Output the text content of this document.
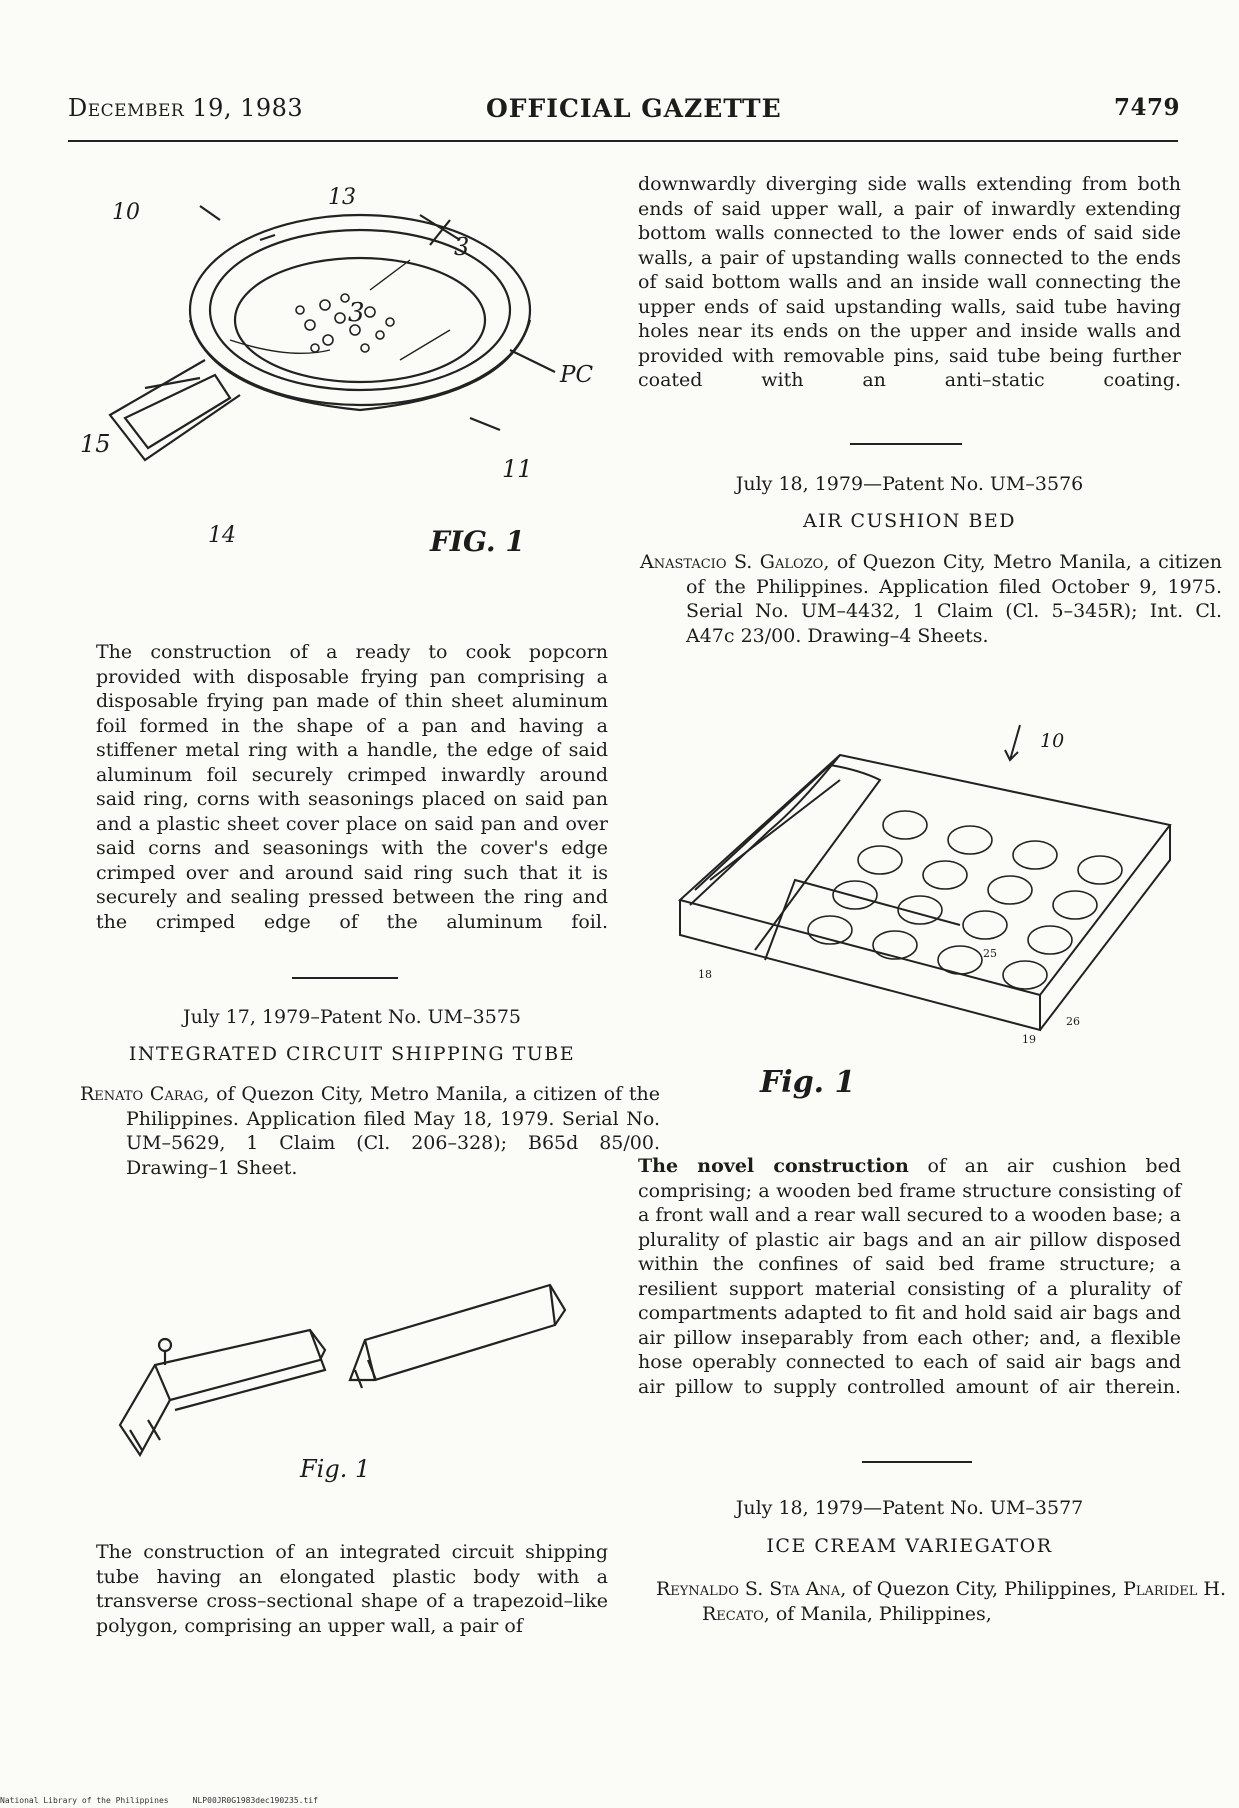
December 19, 1983	OFFICIAL GAZETTE	7479
10
13
3
3
PC
15
14
11
FIG. 1

The construction of a ready to cook popcorn provided with disposable frying pan comprising a disposable frying pan made of thin sheet aluminum foil formed in the shape of a pan and having a stiffener metal ring with a handle, the edge of said aluminum foil securely crimped inwardly around said ring, corns with seasonings placed on said pan and a plastic sheet cover place on said pan and over said corns and seasonings with the cover's edge crimped over and around said ring such that it is securely and sealing pressed between the ring and the crimped edge of the aluminum foil.

July 17, 1979–Patent No. UM–3575
INTEGRATED CIRCUIT SHIPPING TUBE

Renato Carag, of Quezon City, Metro Manila, a citizen of the Philippines. Application filed May 18, 1979. Serial No. UM–5629, 1 Claim (Cl. 206–328); B65d 85/00. Drawing–1 Sheet.

Fig. 1

The construction of an integrated circuit shipping tube having an elongated plastic body with a transverse cross–sectional shape of a trapezoid–like polygon, comprising an upper wall, a pair of

downwardly diverging side walls extending from both ends of said upper wall, a pair of inwardly extending bottom walls connected to the lower ends of said side walls, a pair of upstanding walls connected to the ends of said bottom walls and an inside wall connecting the upper ends of said upstanding walls, said tube having holes near its ends on the upper and inside walls and provided with removable pins, said tube being further coated with an anti–static coating.

July 18, 1979—Patent No. UM–3576
AIR CUSHION BED

Anastacio S. Galozo, of Quezon City, Metro Manila, a citizen of the Philippines. Application filed October 9, 1975. Serial No. UM–4432, 1 Claim (Cl. 5–345R); Int. Cl. A47c 23/00. Drawing–4 Sheets.

10
18
26
19
25
Fig. 1

The novel construction of an air cushion bed comprising; a wooden bed frame structure consisting of a front wall and a rear wall secured to a wooden base; a plurality of plastic air bags and an air pillow disposed within the confines of said bed frame structure; a resilient support material consisting of a plurality of compartments adapted to fit and hold said air bags and air pillow inseparably from each other; and, a flexible hose operably connected to each of said air bags and air pillow to supply controlled amount of air therein.

July 18, 1979—Patent No. UM–3577
ICE CREAM VARIEGATOR

Reynaldo S. Sta Ana, of Quezon City, Philippines, Plaridel H. Recato, of Manila, Philippines,

National Library of the Philippines	NLP00JR0G1983dec190235.tif
